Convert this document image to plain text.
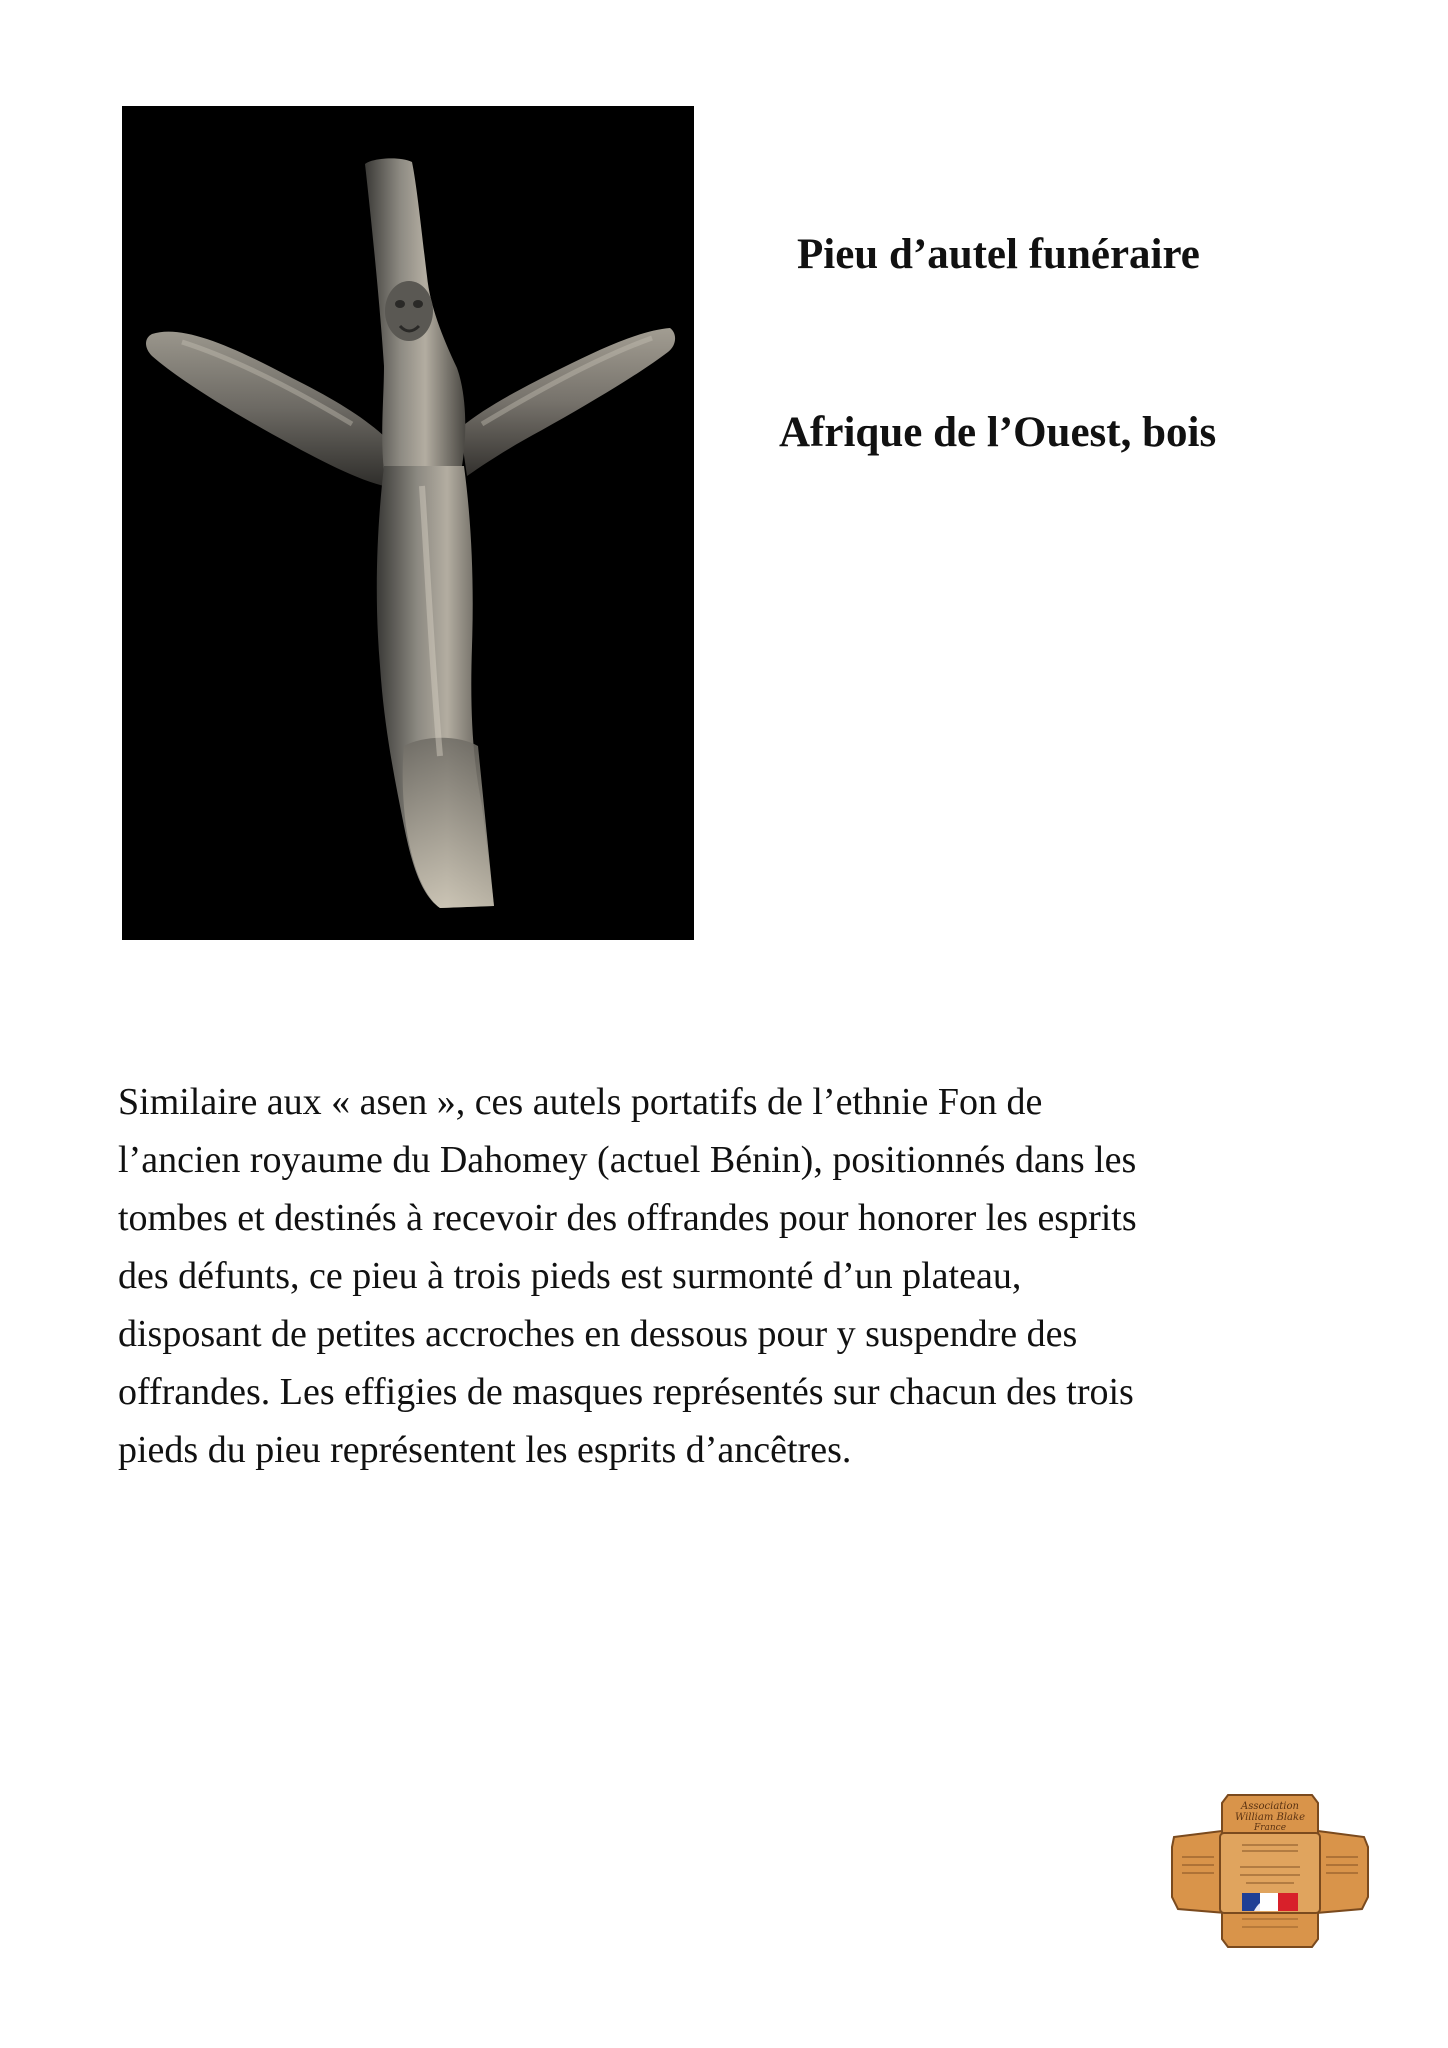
Pieu d’autel funéraire
Afrique de l’Ouest, bois

Similaire aux « asen », ces autels portatifs de l’ethnie Fon de
l’ancien royaume du Dahomey (actuel Bénin), positionnés dans les
tombes et destinés à recevoir des offrandes pour honorer les esprits
des défunts, ce pieu à trois pieds est surmonté d’un plateau,
disposant de petites accroches en dessous pour y suspendre des
offrandes. Les effigies de masques représentés sur chacun des trois
pieds du pieu représentent les esprits d’ancêtres.

Association
William Blake
France
